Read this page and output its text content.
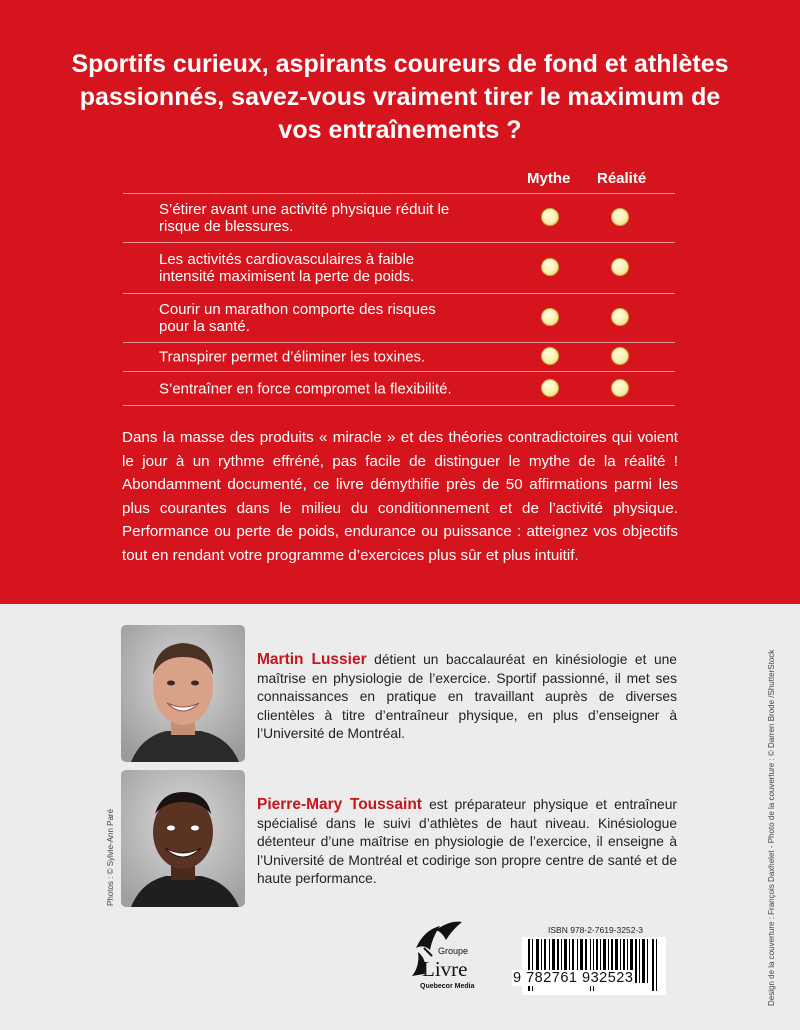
Sportifs curieux, aspirants coureurs de fond et athlètes passionnés, savez-vous vraiment tirer le maximum de vos entraînements ?
Mythe Réalité
S’étirer avant une activité physique réduit le risque de blessures.
Les activités cardiovasculaires à faible intensité maximisent la perte de poids.
Courir un marathon comporte des risques pour la santé.
Transpirer permet d’éliminer les toxines.
S’entraîner en force compromet la flexibilité.
Dans la masse des produits « miracle » et des théories contradictoires qui voient le jour à un rythme effréné, pas facile de distinguer le mythe de la réalité ! Abondamment documenté, ce livre démythifie près de 50 affirmations parmi les plus courantes dans le milieu du conditionnement et de l’activité physique. Performance ou perte de poids, endurance ou puissance : atteignez vos objectifs tout en rendant votre programme d’exercices plus sûr et plus intuitif.
Martin Lussier détient un baccalauréat en kinésiologie et une maîtrise en physiologie de l’exercice. Sportif passionné, il met ses connaissances en pratique en travaillant auprès de diverses clientèles à titre d’entraîneur physique, en plus d’enseigner à l’Université de Montréal.
Pierre-Mary Toussaint est préparateur physique et entraîneur spécialisé dans le suivi d’athlètes de haut niveau. Kinésiologue détenteur d’une maîtrise en physiologie de l’exercice, il enseigne à l’Université de Montréal et codirige son propre centre de santé et de haute performance.
Photos : © Sylvie-Ann Paré	Design de la couverture : François Daxhelet - Photo de la couverture : © Darren Brode /ShutterStock
Groupe
Livre
Quebecor Media
ISBN 978-2-7619-3252-3
9 782761 932523
